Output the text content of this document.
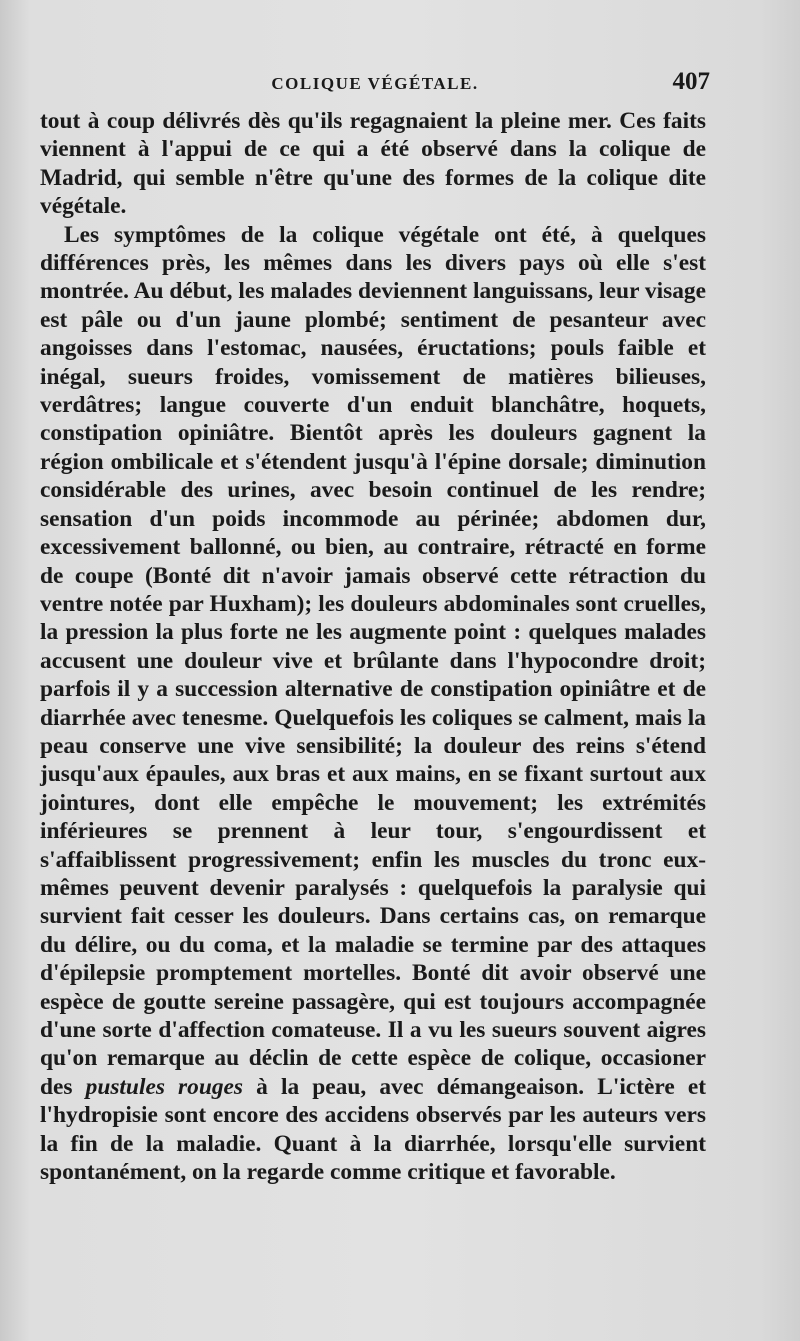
COLIQUE VÉGÉTALE.	407

tout à coup délivrés dès qu'ils regagnaient la pleine mer. Ces faits viennent à l'appui de ce qui a été observé dans la colique de Madrid, qui semble n'être qu'une des formes de la colique dite végétale.

Les symptômes de la colique végétale ont été, à quelques différences près, les mêmes dans les divers pays où elle s'est montrée. Au début, les malades deviennent languissans, leur visage est pâle ou d'un jaune plombé; sentiment de pesanteur avec angoisses dans l'estomac, nausées, éructations; pouls faible et inégal, sueurs froides, vomissement de matières bilieuses, verdâtres; langue couverte d'un enduit blanchâtre, hoquets, constipation opiniâtre. Bientôt après les douleurs gagnent la région ombilicale et s'étendent jusqu'à l'épine dorsale; diminution considérable des urines, avec besoin continuel de les rendre; sensation d'un poids incommode au périnée; abdomen dur, excessivement ballonné, ou bien, au contraire, rétracté en forme de coupe (Bonté dit n'avoir jamais observé cette rétraction du ventre notée par Huxham); les douleurs abdominales sont cruelles, la pression la plus forte ne les augmente point : quelques malades accusent une douleur vive et brûlante dans l'hypocondre droit; parfois il y a succession alternative de constipation opiniâtre et de diarrhée avec tenesme. Quelquefois les coliques se calment, mais la peau conserve une vive sensibilité; la douleur des reins s'étend jusqu'aux épaules, aux bras et aux mains, en se fixant surtout aux jointures, dont elle empêche le mouvement; les extrémités inférieures se prennent à leur tour, s'engourdissent et s'affaiblissent progressivement; enfin les muscles du tronc eux-mêmes peuvent devenir paralysés : quelquefois la paralysie qui survient fait cesser les douleurs. Dans certains cas, on remarque du délire, ou du coma, et la maladie se termine par des attaques d'épilepsie promptement mortelles. Bonté dit avoir observé une espèce de goutte sereine passagère, qui est toujours accompagnée d'une sorte d'affection comateuse. Il a vu les sueurs souvent aigres qu'on remarque au déclin de cette espèce de colique, occasioner des pustules rouges à la peau, avec démangeaison. L'ictère et l'hydropisie sont encore des accidens observés par les auteurs vers la fin de la maladie. Quant à la diarrhée, lorsqu'elle survient spontanément, on la regarde comme critique et favorable.
